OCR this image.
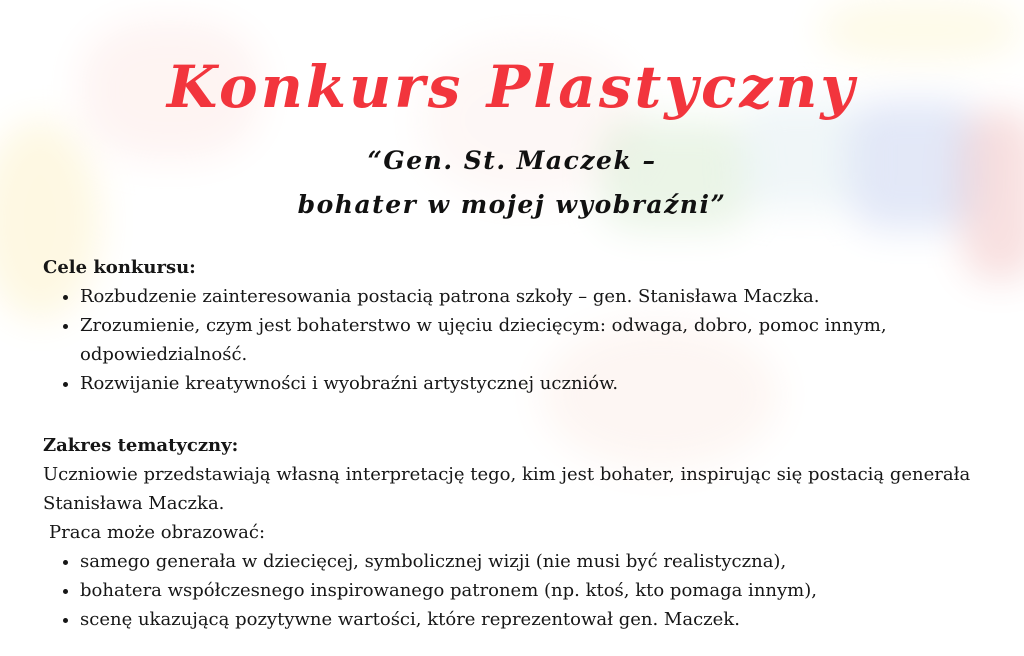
Konkurs Plastyczny
“Gen. St. Maczek –
bohater w mojej wyobraźni”
Cele konkursu:
• Rozbudzenie zainteresowania postacią patrona szkoły – gen. Stanisława Maczka.
• Zrozumienie, czym jest bohaterstwo w ujęciu dziecięcym: odwaga, dobro, pomoc innym, odpowiedzialność.
• Rozwijanie kreatywności i wyobraźni artystycznej uczniów.
Zakres tematyczny:

Uczniowie przedstawiają własną interpretację tego, kim jest bohater, inspirując się postacią generała Stanisława Maczka.

Praca może obrazować:

• samego generała w dziecięcej, symbolicznej wizji (nie musi być realistyczna),
• bohatera współczesnego inspirowanego patronem (np. ktoś, kto pomaga innym),
• scenę ukazującą pozytywne wartości, które reprezentował gen. Maczek.
